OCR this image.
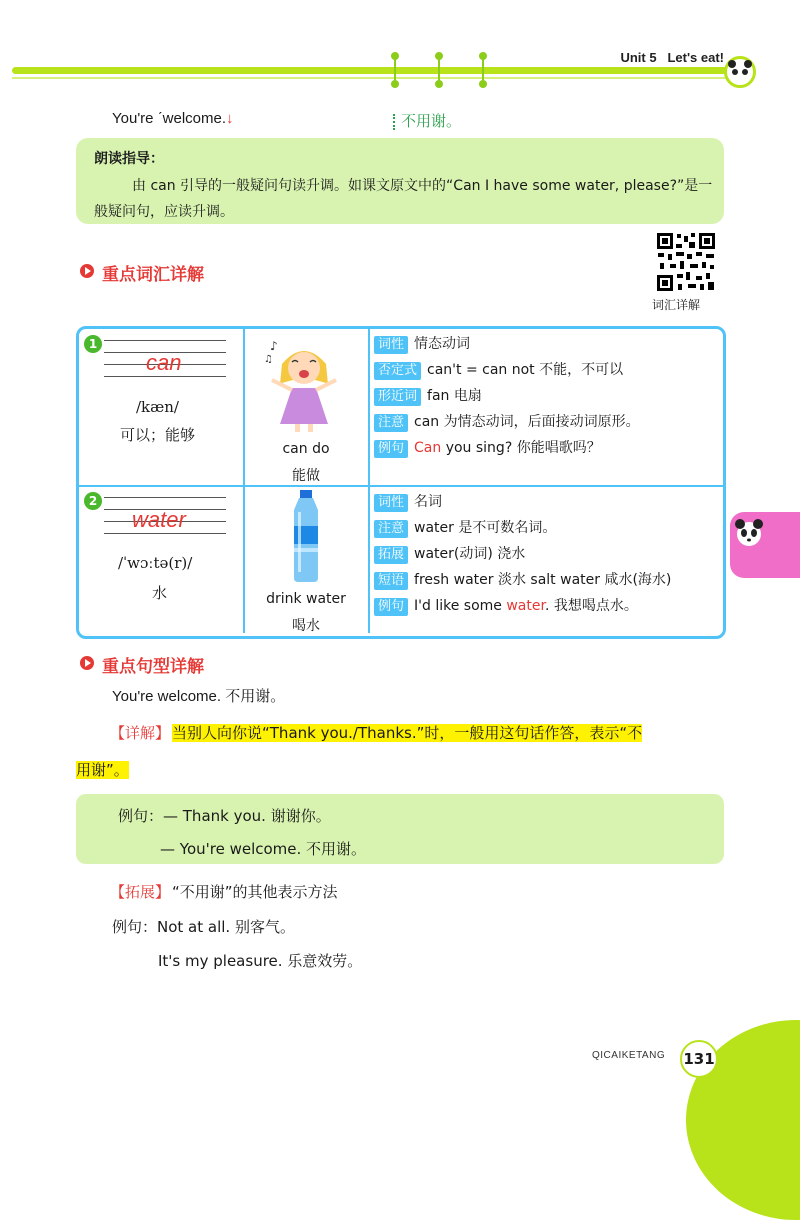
Unit 5 Let's eat!
You're ˊwelcome.↓	不用谢。
朗读指导：
由 can 引导的一般疑问句读升调。如课文原文中的“Can I have some water, please?”是一般疑问句，应读升调。
词汇详解
重点词汇详解
1
can
/kæn/
可以；能够
♪
♫
can do
能做
词性 情态动词
否定式 can't = can not 不能，不可以
形近词 fan 电扇
注意 can 为情态动词，后面接动词原形。
例句 Can you sing? 你能唱歌吗？
2
water
/ˈwɔːtə(r)/
水	drink water
喝水
词性 名词
注意 water 是不可数名词。
拓展 water(动词) 浇水
短语 fresh water 淡水 salt water 咸水(海水)
例句 I'd like some water. 我想喝点水。
重点句型详解
You're welcome. 不用谢。
【详解】 当别人向你说“Thank you./Thanks.”时，一般用这句话作答，表示“不
用谢”。
例句：— Thank you. 谢谢你。
— You're welcome. 不用谢。
【拓展】 “不用谢”的其他表示方法
例句：Not at all. 别客气。
It's my pleasure. 乐意效劳。
QICAIKETANG 131
